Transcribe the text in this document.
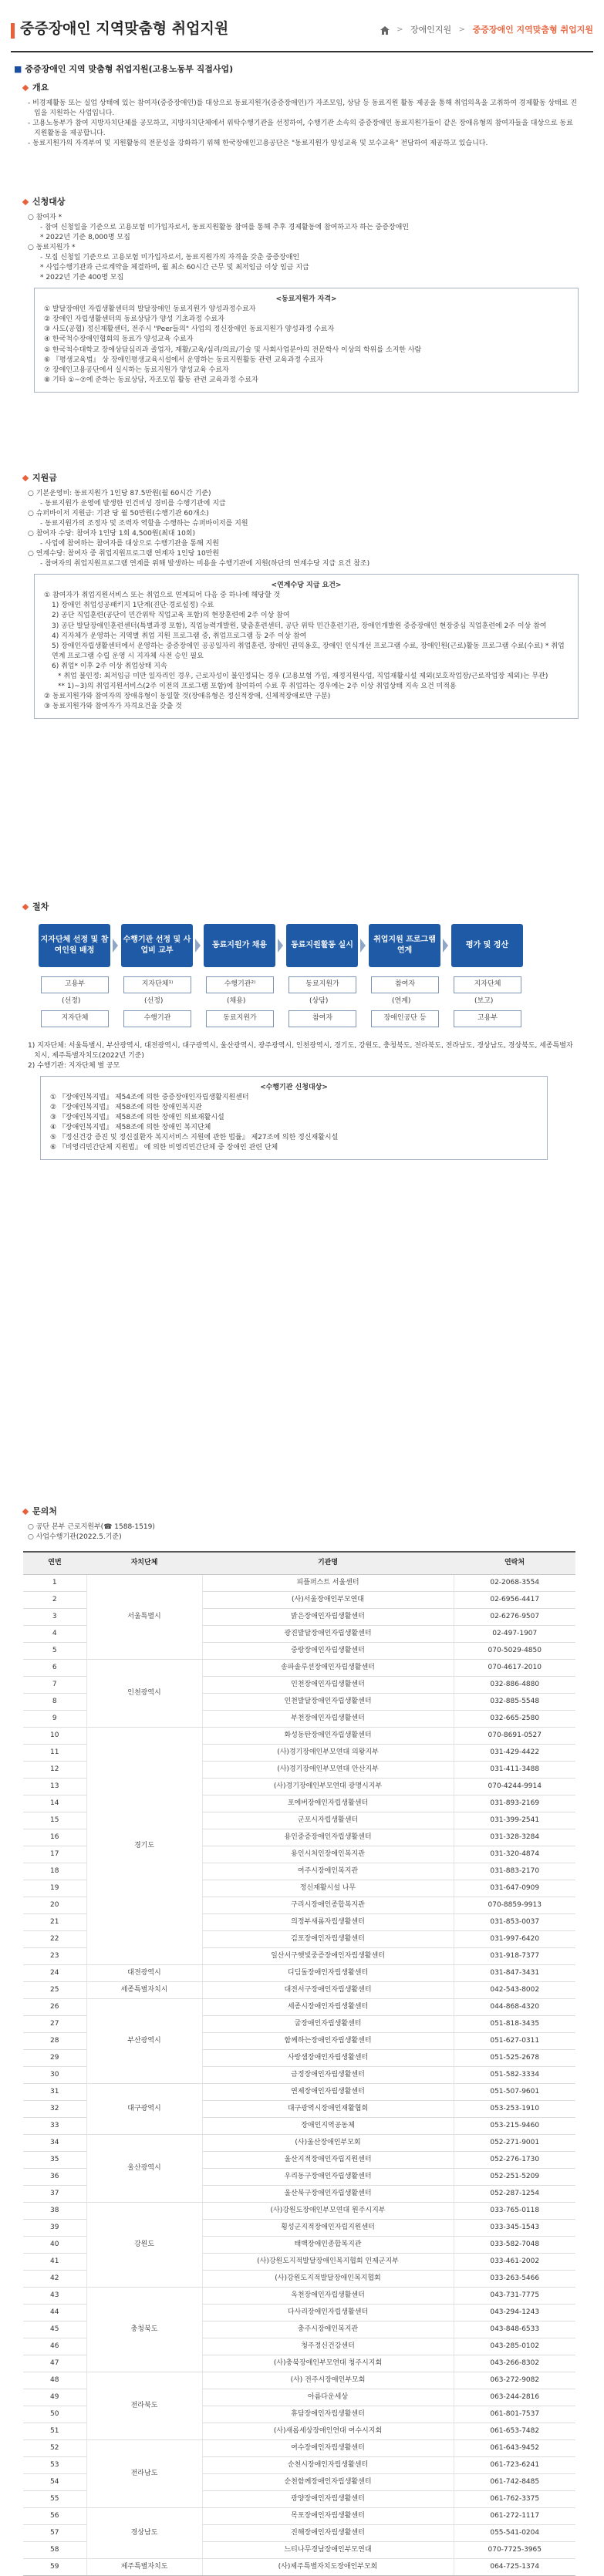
중증장애인 지역맞춤형 취업지원	> 장애인지원 > 중증장애인 지역맞춤형 취업지원
■ 중증장애인 지역 맞춤형 취업지원(고용노동부 직접사업)
개요

- 비경제활동 또는 실업 상태에 있는 참여자(중증장애인)를 대상으로 동료지원가(중증장애인)가 자조모임, 상담 등 동료지원 활동 제공을 통해 취업의욕을 고취하여 경제활동 상태로 진입을 지원하는 사업입니다.

- 고용노동부가 참여 지방자치단체를 공모하고, 지방자치단체에서 위탁수행기관을 선정하여, 수행기관 소속의 중증장애인 동료지원가들이 같은 장애유형의 참여자들을 대상으로 동료지원활동을 제공합니다.

- 동료지원가의 자격부여 및 지원활동의 전문성을 강화하기 위해 한국장애인고용공단은 "동료지원가 양성교육 및 보수교육" 전담하여 제공하고 있습니다.

신청대상

○ 참여자 *

- 참여 신청일을 기준으로 고용보험 미가입자로서, 동료지원활동 참여를 통해 추후 경제활동에 참여하고자 하는 중증장애인

* 2022년 기준 8,000명 모집

○ 동료지원가 *

- 모집 신청일 기준으로 고용보험 미가입자로서, 동료지원가의 자격을 갖춘 중증장애인

* 사업수행기관과 근로계약을 체결하며, 월 최소 60시간 근무 및 최저임금 이상 임금 지급

* 2022년 기준 400명 모집

<동료지원가 자격>

① 발달장애인 자립생활센터의 발달장애인 동료지원가 양성과정수료자

② 장애인 자립생활센터의 동료상담가 양성 기초과정 수료자

③ 사도(공협) 정신재활센터, 전주시 "Peer들의" 사업의 정신장애인 동료지원가 양성과정 수료자

④ 한국척수장애인협회의 동료가 양성교육 수료자

⑤ 한국척수대학교 장애상담심리과 졸업자, 재활/교육/심리/의료/기술 및 사회사업분야의 전문학사 이상의 학위를 소지한 사람

⑥ 『평생교육법』 상 장애인평생교육시설에서 운영하는 동료지원활동 관련 교육과정 수료자

⑦ 장애인고용공단에서 실시하는 동료지원가 양성교육 수료자

⑧ 기타 ①~⑦에 준하는 동료상담, 자조모임 활동 관련 교육과정 수료자

지원금

○ 기본운영비: 동료지원가 1인당 87.5만원(월 60시간 기준)

- 동료지원가 운영에 발생한 인건비성 경비를 수행기관에 지급

○ 슈퍼바이저 지원금: 기관 당 월 50만원(수행기관 60개소)

- 동료지원가의 조정자 및 조력자 역할을 수행하는 슈퍼바이저를 지원

○ 참여자 수당: 참여자 1인당 1회 4,500원(최대 10회)

- 사업에 참여하는 참여자를 대상으로 수행기관을 통해 지원

○ 연계수당: 참여자 중 취업지원프로그램 연계자 1인당 10만원

- 참여자의 취업지원프로그램 연계를 위해 발생하는 비용을 수행기관에 지원(하단의 연계수당 지급 요건 참조)

<연계수당 지급 요건>

① 참여자가 취업지원서비스 또는 취업으로 연계되어 다음 중 하나에 해당할 것

1) 장애인 취업성공패키지 1단계(진단·경로설정) 수료

2) 공단 직업훈련(공단이 민간위탁 직업교육 포함)의 현장훈련에 2주 이상 참여

3) 공단 발달장애인훈련센터(특별과정 포함), 직업능력개발원, 맞춤훈련센터, 공단 위탁 민간훈련기관, 장애인개발원 중증장애인 현장중심 직업훈련에 2주 이상 참여

4) 지자체가 운영하는 지역별 취업 지원 프로그램 중, 취업프로그램 등 2주 이상 참여

5) 장애인자립생활센터에서 운영하는 중증장애인 공공일자리 취업훈련, 장애인 권익옹호, 장애인 인식개선 프로그램 수료, 장애인원(근로)활동 프로그램 수료(수료) * 취업연계 프로그램 수립 운영 시 지자체 사전 승인 필요

6) 취업* 이후 2주 이상 취업상태 지속

* 취업 불인정: 최저임금 미만 일자리인 경우, 근로자성이 불인정되는 경우 (고용보험 가입, 재정지원사업, 직업재활시설 제외(보호작업장/근로작업장 제외)는 무관)

** 1)~3)의 취업지원서비스(2주 이전의 프로그램 포함)에 참여하여 수료 후 취업하는 경우에는 2주 이상 취업상태 지속 요건 미적용

② 동료지원가와 참여자의 장애유형이 동일할 것(장애유형은 정신적장애, 신체적장애로만 구분)

③ 동료지원가와 참여자가 자격요건을 갖출 것

절차
지자단체 선정 및 참여인원 배정
수행기관 선정 및 사업비 교부
동료지원가 채용	동료지원활동 실시
취업지원 프로그램 연계
평가 및 정산
고용부	지자단체¹⁾	수행기관²⁾	동료지원가	참여자	지자단체
(선정)	(선정)	(채용)	(상담)	(연계)	(보고)
지자단체	수행기관	동료지원가	참여자	장애인공단 등	고용부

1) 지자단체: 서울특별시, 부산광역시, 대전광역시, 대구광역시, 울산광역시, 광주광역시, 인천광역시, 경기도, 강원도, 충청북도, 전라북도, 전라남도, 경상남도, 경상북도, 세종특별자치시, 제주특별자치도(2022년 기준)

2) 수행기관: 지자단체 별 공모

<수행기관 신청대상>

① 『장애인복지법』 제54조에 의한 중증장애인자립생활지원센터

② 『장애인복지법』 제58조에 의한 장애인복지관

③ 『장애인복지법』 제58조에 의한 장애인 의료재활시설

④ 『장애인복지법』 제58조에 의한 장애인 복지단체

⑤ 『정신건강 증진 및 정신질환자 복지서비스 지원에 관한 법률』 제27조에 의한 정신재활시설

⑥ 『비영리민간단체 지원법』 에 의한 비영리민간단체 중 장애인 관련 단체

문의처

○ 공단 본부 근로지원부(☎ 1588-1519)

○ 사업수행기관(2022.5.기준)

연번	자치단체	기관명	연락처
1	서울특별시	피플퍼스트 서울센터	02-2068-3554
2		(사)서울장애인부모연대	02-6956-4417
3		밝은장애인자립생활센터	02-6276-9507
4		광진발달장애인자립생활센터	02-497-1907
5		중랑장애인자립생활센터	070-5029-4850
6	인천광역시	송파솔루션장애인자립생활센터	070-4617-2010
7		인천장애인자립생활센터	032-886-4880
8		인천발달장애인자립생활센터	032-885-5548
9		부천장애인자립생활센터	032-665-2580
10	경기도	화성동탄장애인자립생활센터	070-8691-0527
11		(사)경기장애인부모연대 의왕지부	031-429-4422
12		(사)경기장애인부모연대 안산지부	031-411-3488
13		(사)경기장애인부모연대 광명시지부	070-4244-9914
14		포에버장애인자립생활센터	031-893-2169
15		군포시자립생활센터	031-399-2541
16		용인중증장애인자립생활센터	031-328-3284
17		용인시처인장애인복지관	031-320-4874
18		여주시장애인복지관	031-883-2170
19		정신재활시설 나무	031-647-0909
20		구리시장애인종합복지관	070-8859-9913
21		의정부새롬자립생활센터	031-853-0037
22		김포장애인자립생활센터	031-997-6420
23		일산서구햇빛중증장애인자립생활센터	031-918-7377
24	대전광역시	디딤돌장애인자립생활센터	031-847-3431
25	세종특별자치시	대전서구장애인자립생활센터	042-543-8002
26	부산광역시	세종시장애인자립생활센터	044-868-4320
27		굽장애인자립생활센터	051-818-3435
28		함께하는장애인자립생활센터	051-627-0311
29		사랑샘장애인자립생활센터	051-525-2678
30		금정장애인자립생활센터	051-582-3334
31	대구광역시	연제장애인자립생활센터	051-507-9601
32		대구광역시장애인재활협회	053-253-1910
33		장애인지역공동체	053-215-9460
34	울산광역시	(사)울산장애인부모회	052-271-9001
35		울산지적장애인자립지원센터	052-276-1730
36		우리동구장애인자립생활센터	052-251-5209
37		울산북구장애인자립생활센터	052-287-1254
38	강원도	(사)강원도장애인부모연대 원주시지부	033-765-0118
39		횡성군지적장애인자립지원센터	033-345-1543
40		태백장애인종합복지관	033-582-7048
41		(사)강원도지적발달장애인복지협회 인제군지부	033-461-2002
42		(사)강원도지적발달장애인복지협회	033-263-5466
43	충청북도	옥천장애인자립생활센터	043-731-7775
44		다사리장애인자립생활센터	043-294-1243
45		충주시장애인복지관	043-848-6533
46		청주정신건강센터	043-285-0102
47		(사)충북장애인부모연대 청주시지회	043-266-8302
48	전라북도	(사) 전주시장애인부모회	063-272-9082
49		아름다운세상	063-244-2816
50		휴담장애인자립생활센터	061-801-7537
51		(사)새롭세상장애인연대 여수시지회	061-653-7482
52	전라남도	여수장애인자립생활센터	061-643-9452
53		순천시장애인자립생활센터	061-723-6241
54		순천함께장애인자립생활센터	061-742-8485
55		광양장애인자립생활센터	061-762-3375
56	경상남도	목포장애인자립생활센터	061-272-1117
57		진해장애인자립생활센터	055-541-0204
58		느티나무경남장애인부모연대	070-7725-3965
59	제주특별자치도	(사)제주특별자치도장애인부모회	064-725-1374
